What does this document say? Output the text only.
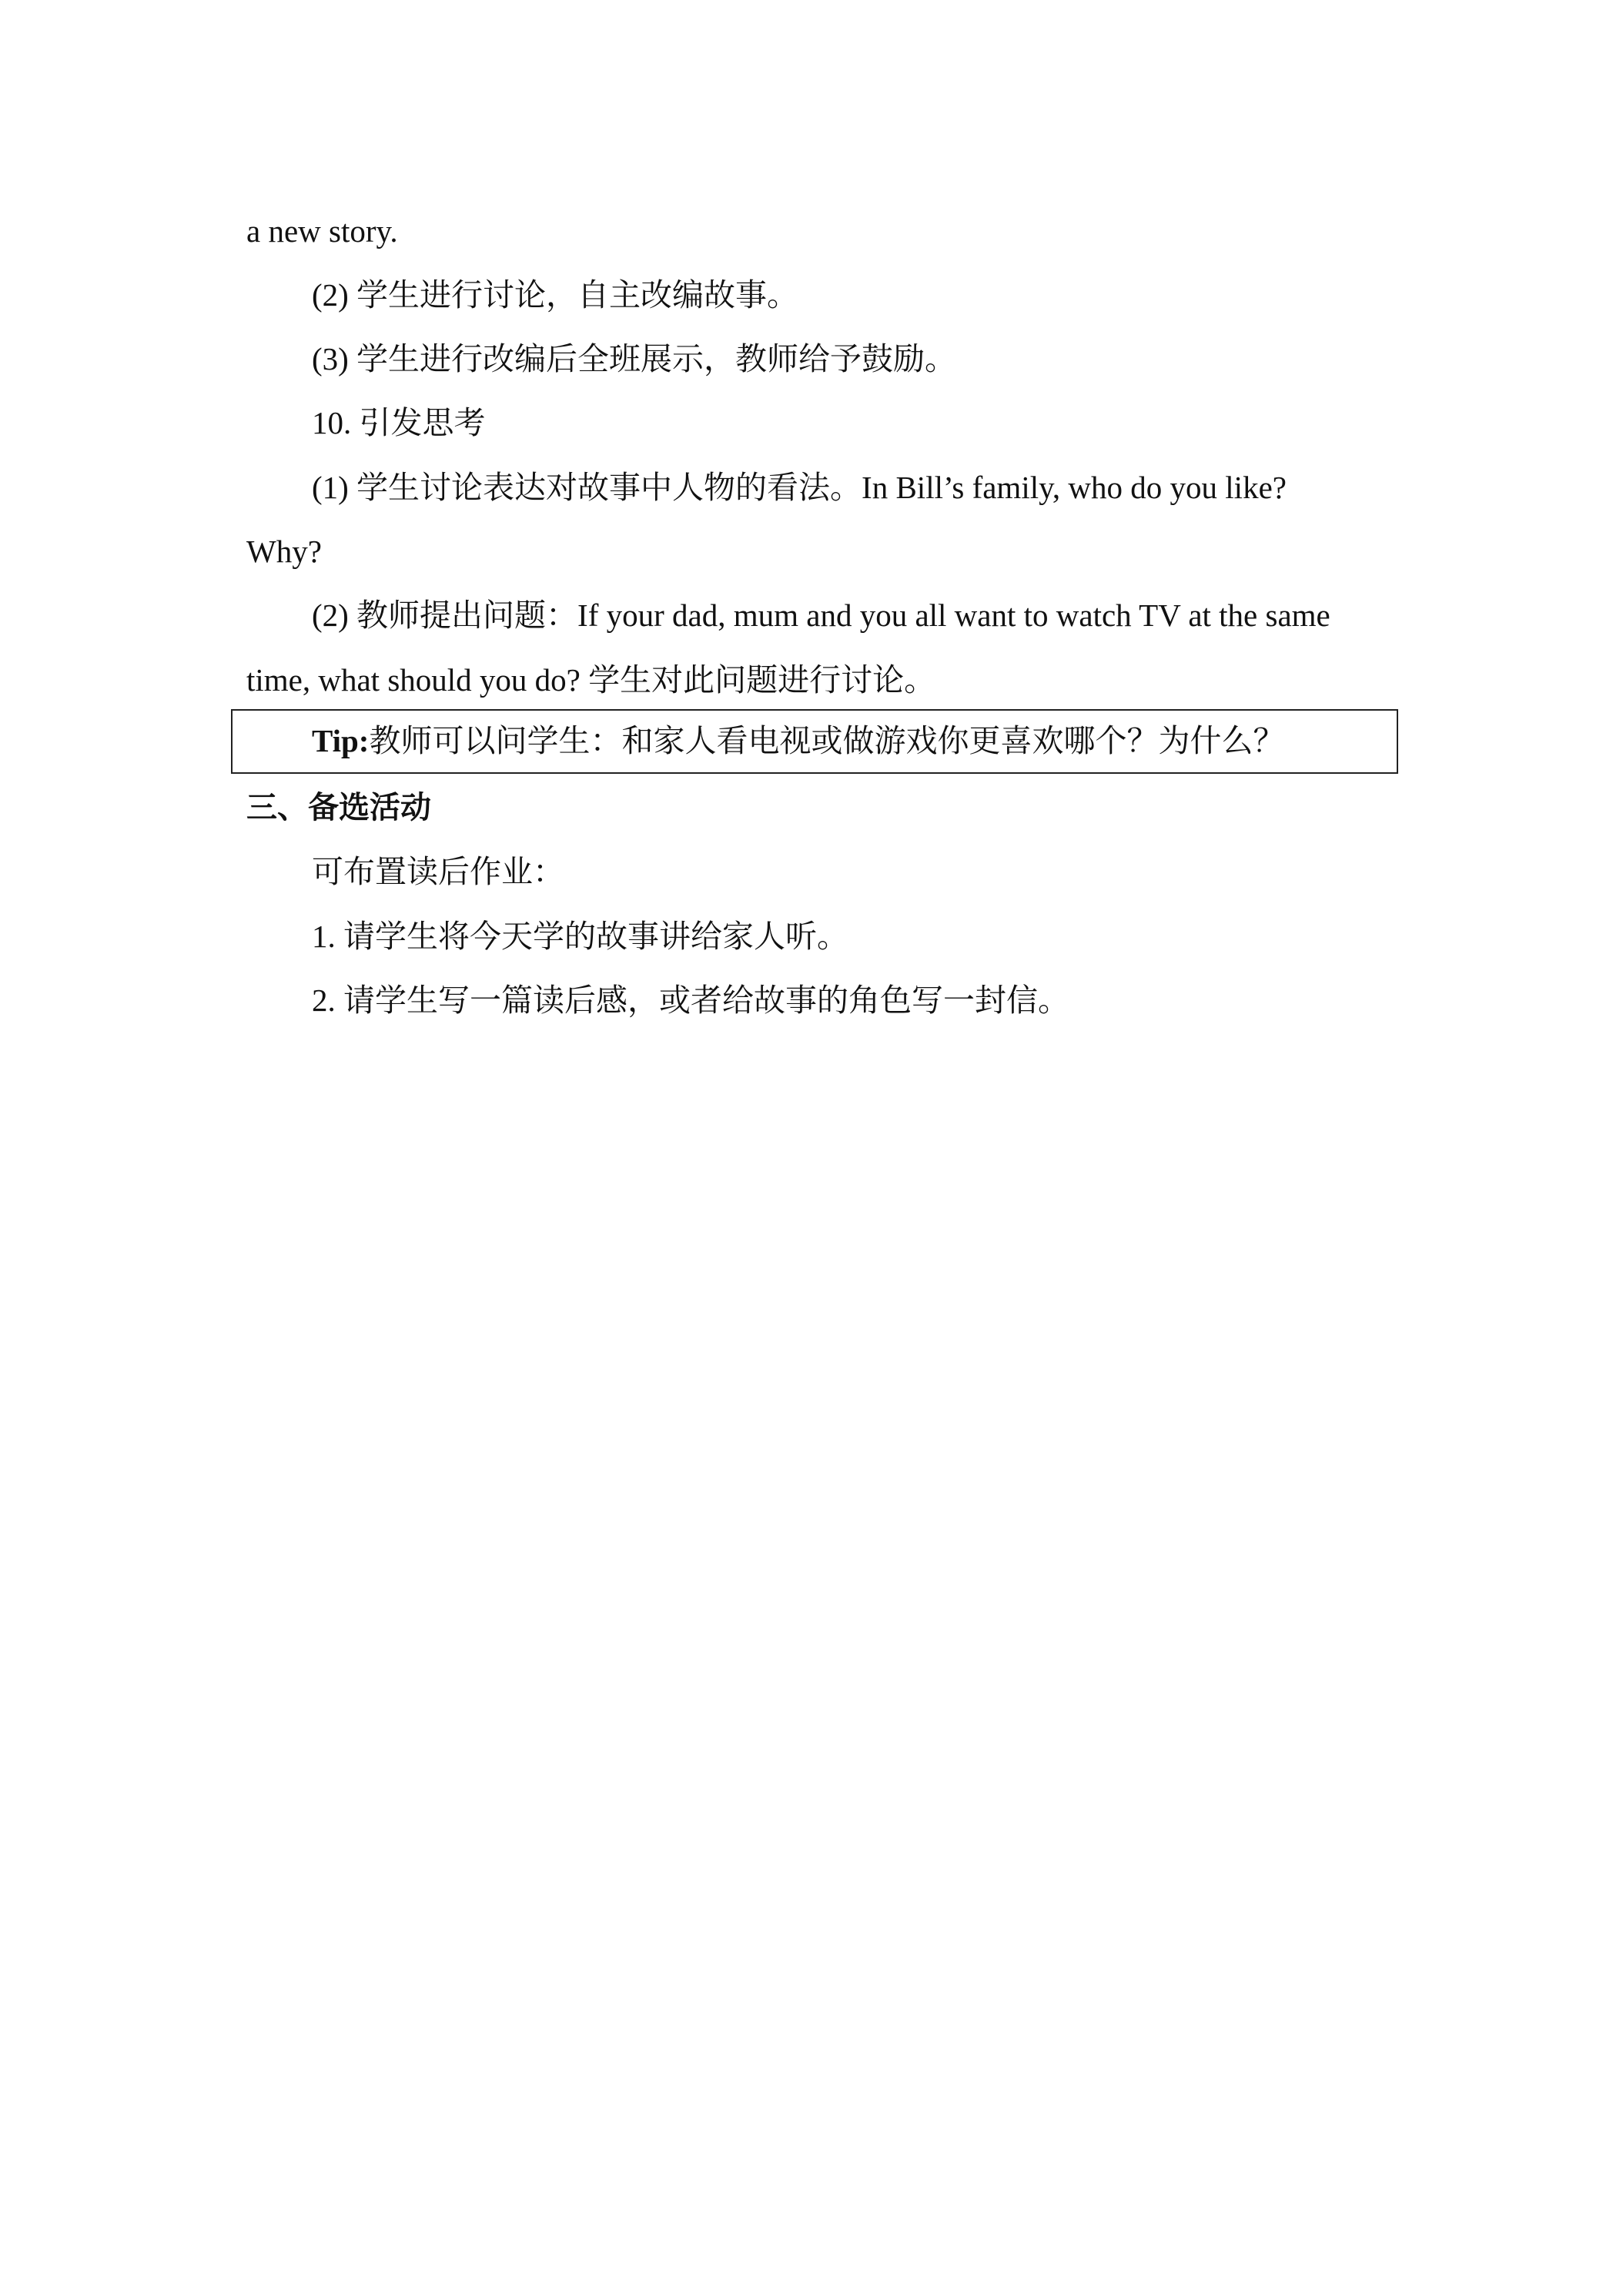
a new story.
(2) 学生进行讨论，自主改编故事。
(3) 学生进行改编后全班展示，教师给予鼓励。
10. 引发思考
(1) 学生讨论表达对故事中人物的看法。In Bill’s family, who do you like?
Why?
(2) 教师提出问题：If your dad, mum and you all want to watch TV at the same
time, what should you do? 学生对此问题进行讨论。
Tip:教师可以问学生：和家人看电视或做游戏你更喜欢哪个？为什么？
三、备选活动
可布置读后作业：
1. 请学生将今天学的故事讲给家人听。
2. 请学生写一篇读后感，或者给故事的角色写一封信。
